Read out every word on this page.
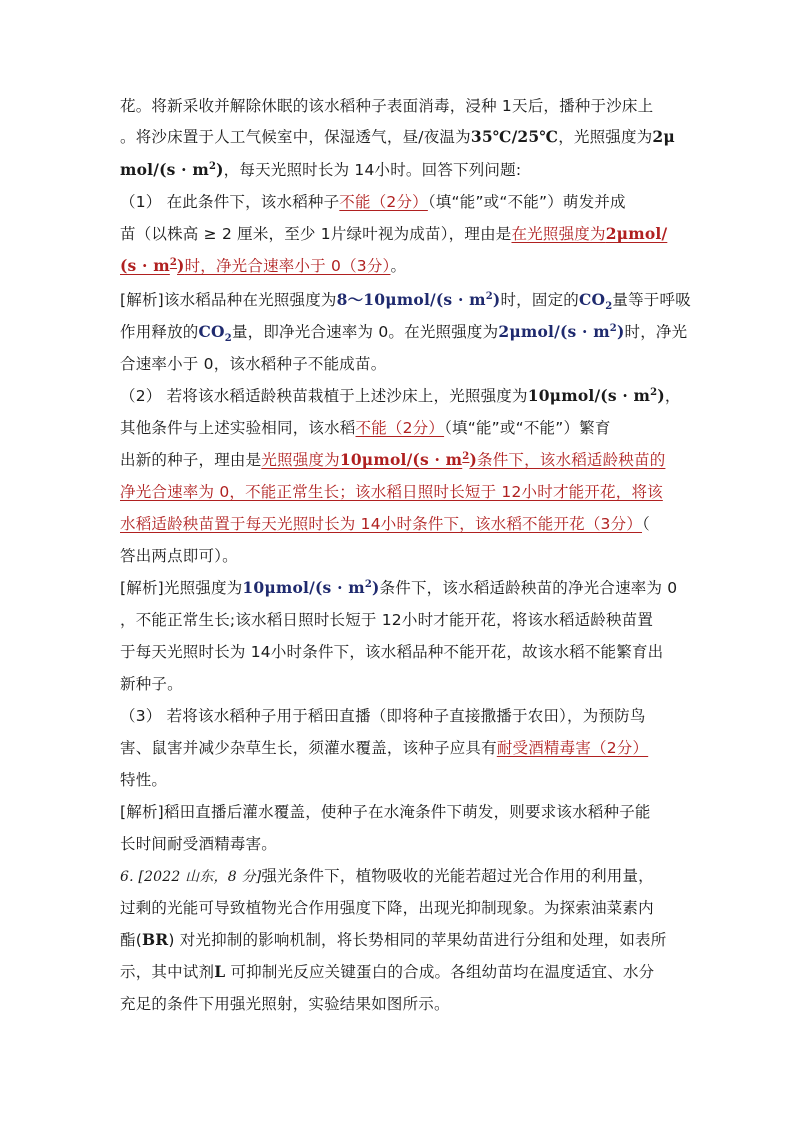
花。将新采收并解除休眠的该水稻种子表面消毒，浸种 1天后，播种于沙床上
。将沙床置于人工气候室中，保湿透气，昼/夜温为35℃/25℃，光照强度为2μ
$mol/(s \cdot m^2)$，每天光照时长为 14小时。回答下列问题:
（1） 在此条件下，该水稻种子不能（2分）（填“能”或“不能”）萌发并成
苗（以株高 ≥ 2 厘米，至少 1片绿叶视为成苗），理由是在光照强度为2μmol/
$(s \cdot m^2)$时，净光合速率小于 0（3分）。
[解析]该水稻品种在光照强度为8～10μmol/(s · $m^2$)时，固定的$CO_2$量等于呼吸
作用释放的$CO_2$量，即净光合速率为 0。在光照强度为$2\mu mol/(s \cdot m^2)$时，净光
合速率小于 0，该水稻种子不能成苗。
（2） 若将该水稻适龄秧苗栽植于上述沙床上，光照强度为$10\mu mol/(s \cdot m^2)$，
其他条件与上述实验相同，该水稻不能（2分）（填“能”或“不能”）繁育
出新的种子，理由是光照强度为$10\mu mol/(s \cdot m^2)$条件下，该水稻适龄秧苗的
净光合速率为 0，不能正常生长；该水稻日照时长短于 12小时才能开花，将该
水稻适龄秧苗置于每天光照时长为 14小时条件下，该水稻不能开花（3分）（
答出两点即可）。
[解析]光照强度为$10\mu mol/(s \cdot m^2)$条件下，该水稻适龄秧苗的净光合速率为 0
，不能正常生长;该水稻日照时长短于 12小时才能开花，将该水稻适龄秧苗置
于每天光照时长为 14小时条件下，该水稻品种不能开花，故该水稻不能繁育出
新种子。
（3） 若将该水稻种子用于稻田直播（即将种子直接撒播于农田），为预防鸟
害、鼠害并减少杂草生长，须灌水覆盖，该种子应具有耐受酒精毒害（2分）
特性。
[解析]稻田直播后灌水覆盖，使种子在水淹条件下萌发，则要求该水稻种子能
长时间耐受酒精毒害。
6. [2022 山东，8 分]强光条件下，植物吸收的光能若超过光合作用的利用量，
过剩的光能可导致植物光合作用强度下降，出现光抑制现象。为探索油菜素内
酯(BR) 对光抑制的影响机制，将长势相同的苹果幼苗进行分组和处理，如表所
示，其中试剂L 可抑制光反应关键蛋白的合成。各组幼苗均在温度适宜、水分
充足的条件下用强光照射，实验结果如图所示。
